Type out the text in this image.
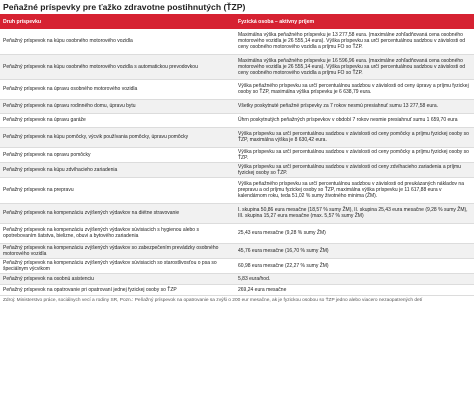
Peňažné príspevky pre ťažko zdravotne postihnutých (ŤZP)
Druh príspevku	Fyzická osoba – aktívny príjem
Peňažný príspevok na kúpu osobného motorového vozidla	Maximálna výška peňažného príspevku je 13 277,58 eura. (maximálne zohľadňovaná cena osobného motorového vozidla je 26 555,14 eura). Výška príspevku sa určí percentuálnou sadzbou v závislosti od ceny osobného motorového vozidla a príjmu FO so ŤZP.
Peňažný príspevok na kúpu osobného motorového vozidla s automatickou prevodovkou	Maximálna výška peňažného príspevku je 16 596,96 eura. (maximálne zohľadňovaná cena osobného motorového vozidla je 26 555,14 eura). Výška príspevku sa určí percentuálnou sadzbou v závislosti od ceny osobného motorového vozidla a príjmu FO so ŤZP.
Peňažný príspevok na úpravu osobného motorového vozidla	Výška peňažného príspevku sa určí percentuálnou sadzbou v závislosti od ceny úpravy a príjmu fyzickej osoby so ŤZP, maximálna výška príspevku je 6 638,79 eura.
Peňažný príspevok na úpravu rodinného domu, úpravu bytu	Všetky poskytnuté peňažné príspevky za 7 rokov nesmú presiahnuť sumu 13 277,58 eura.
Peňažný príspevok na úpravu garáže	Úhrn poskytnutých peňažných príspevkov v období 7 rokov nesmie presiahnuť sumu 1 659,70 eura
Peňažný príspevok na kúpu pomôcky, výcvik používania pomôcky, úpravu pomôcky	Výška príspevku sa určí percentuálnou sadzbou v závislosti od ceny pomôcky a príjmu fyzickej osoby so ŤZP, maximálna výška je 8 630,42 eura.
Peňažný príspevok na opravu pomôcky	Výška príspevku sa určí percentuálnou sadzbou v závislosti od ceny pomôcky a príjmu fyzickej osoby so ŤZP.
Peňažný príspevok na kúpu zdvíhacieho zariadenia	Výška príspevku sa určí percentuálnou sadzbou v závislosti od ceny zdvíhacieho zariadenia a príjmu fyzickej osoby so ŤZP.
Peňažný príspevok na prepravu	Výška peňažného príspevku sa určí percentuálnou sadzbou v závislosti od preukázaných nákladov na prepravu a od príjmu fyzickej osoby so ŤZP, maximálna výška príspevku je 11 617,88 eura v kalendárnom roku, teda 51,02 % sumy životného minima (ŽM).
Peňažný príspevok na kompenzáciu zvýšených výdavkov na diétne stravovanie	I. skupina 50,86 eura mesačne (18,57 % sumy ŽM), II. skupina 25,43 eura mesačne (9,28 % sumy ŽM), III. skupina 15,27 eura mesačne (max. 5,57 % sumy ŽM)
Peňažný príspevok na kompenzáciu zvýšených výdavkov súvisiacich s hygienou alebo s opotrebovaním šatstva, bielizne, obuvi a bytového zariadenia	25,43 eura mesačne (9,28 % sumy ŽM)
Peňažný príspevok na kompenzáciu zvýšených výdavkov so zabezpečením prevádzky osobného motorového vozidla	45,76 eura mesačne (16,70 % sumy ŽM)
Peňažný príspevok na kompenzáciu zvýšených výdavkov súvisiacich so starostlivosťou o psa so špeciálnym výcvikom	60,98 eura mesačne (22,27 % sumy ŽM)
Peňažný príspevok na osobnú asistenciu	5,83 eura/hod.
Peňažný príspevok na opatrovanie pri opatrovaní jednej fyzickej osoby so ŤZP	269,24 eura mesačne
Zdroj: Ministerstvo práce, sociálnych vecí a rodiny SR, Pozn.: Peňažný príspevok na opatrovanie sa zvýši o 200 eur mesačne, ak je fyzickou osobou so ŤZP jedno alebo viacero nezaopatrených detí
